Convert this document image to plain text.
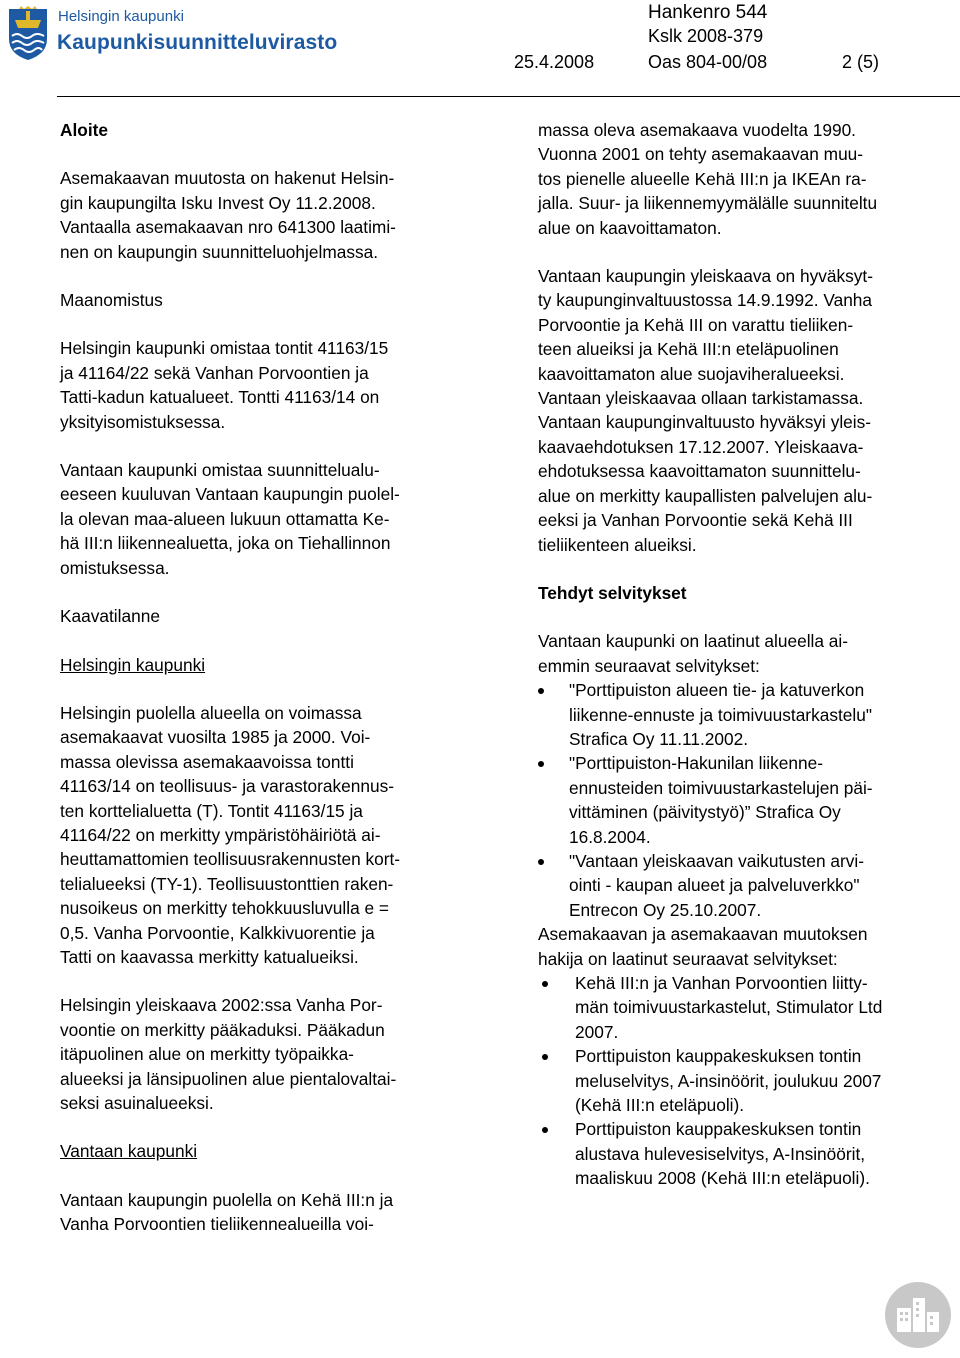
Helsingin kaupunki
Kaupunkisuunnitteluvirasto
Hankenro 544
Kslk 2008-379
25.4.2008	Oas 804-00/08	2 (5)
Aloite

Asemakaavan muutosta on hakenut Helsin-
gin kaupungilta Isku Invest Oy 11.2.2008.
Vantaalla asemakaavan nro 641300 laatimi-
nen on kaupungin suunnitteluohjelmassa.

Maanomistus

Helsingin kaupunki omistaa tontit 41163/15
ja 41164/22 sekä Vanhan Porvoontien ja
Tatti-kadun katualueet. Tontti 41163/14 on
yksityisomistuksessa.

Vantaan kaupunki omistaa suunnittelualu-
eeseen kuuluvan Vantaan kaupungin puolel-
la olevan maa-alueen lukuun ottamatta Ke-
hä III:n liikennealuetta, joka on Tiehallinnon
omistuksessa.

Kaavatilanne

Helsingin kaupunki

Helsingin puolella alueella on voimassa
asemakaavat vuosilta 1985 ja 2000. Voi-
massa olevissa asemakaavoissa tontti
41163/14 on teollisuus- ja varastorakennus-
ten korttelialuetta (T). Tontit 41163/15 ja
41164/22 on merkitty ympäristöhäiriötä ai-
heuttamattomien teollisuusrakennusten kort-
telialueeksi (TY-1). Teollisuustonttien raken-
nusoikeus on merkitty tehokkuusluvulla e =
0,5. Vanha Porvoontie, Kalkkivuorentie ja
Tatti on kaavassa merkitty katualueiksi.

Helsingin yleiskaava 2002:ssa Vanha Por-
voontie on merkitty pääkaduksi. Pääkadun
itäpuolinen alue on merkitty työpaikka-
alueeksi ja länsipuolinen alue pientalovaltai-
seksi asuinalueeksi.

Vantaan kaupunki

Vantaan kaupungin puolella on Kehä III:n ja
Vanha Porvoontien tieliikennealueilla voi-

massa oleva asemakaava vuodelta 1990.
Vuonna 2001 on tehty asemakaavan muu-
tos pienelle alueelle Kehä III:n ja IKEAn ra-
jalla. Suur- ja liikennemyymälälle suunniteltu
alue on kaavoittamaton.

Vantaan kaupungin yleiskaava on hyväksyt-
ty kaupunginvaltuustossa 14.9.1992. Vanha
Porvoontie ja Kehä III on varattu tieliiken-
teen alueiksi ja Kehä III:n eteläpuolinen
kaavoittamaton alue suojaviheralueeksi.
Vantaan yleiskaavaa ollaan tarkistamassa.
Vantaan kaupunginvaltuusto hyväksyi yleis-
kaavaehdotuksen 17.12.2007. Yleiskaava-
ehdotuksessa kaavoittamaton suunnittelu-
alue on merkitty kaupallisten palvelujen alu-
eeksi ja Vanhan Porvoontie sekä Kehä III
tieliikenteen alueiksi.

Tehdyt selvitykset

Vantaan kaupunki on laatinut alueella ai-
emmin seuraavat selvitykset:

"Porttipuiston alueen tie- ja katuverkon
liikenne-ennuste ja toimivuustarkastelu"
Strafica Oy 11.11.2002.
"Porttipuiston-Hakunilan liikenne-
ennusteiden toimivuustarkastelujen päi-
vittäminen (päivitystyö)” Strafica Oy
16.8.2004.
"Vantaan yleiskaavan vaikutusten arvi-
ointi - kaupan alueet ja palveluverkko"
Entrecon Oy 25.10.2007.

Asemakaavan ja asemakaavan muutoksen
hakija on laatinut seuraavat selvitykset:

Kehä III:n ja Vanhan Porvoontien liitty-
män toimivuustarkastelut, Stimulator Ltd
2007.
Porttipuiston kauppakeskuksen tontin
meluselvitys, A-insinöörit, joulukuu 2007
(Kehä III:n eteläpuoli).
Porttipuiston kauppakeskuksen tontin
alustava hulevesiselvitys, A-Insinöörit,
maaliskuu 2008 (Kehä III:n eteläpuoli).
